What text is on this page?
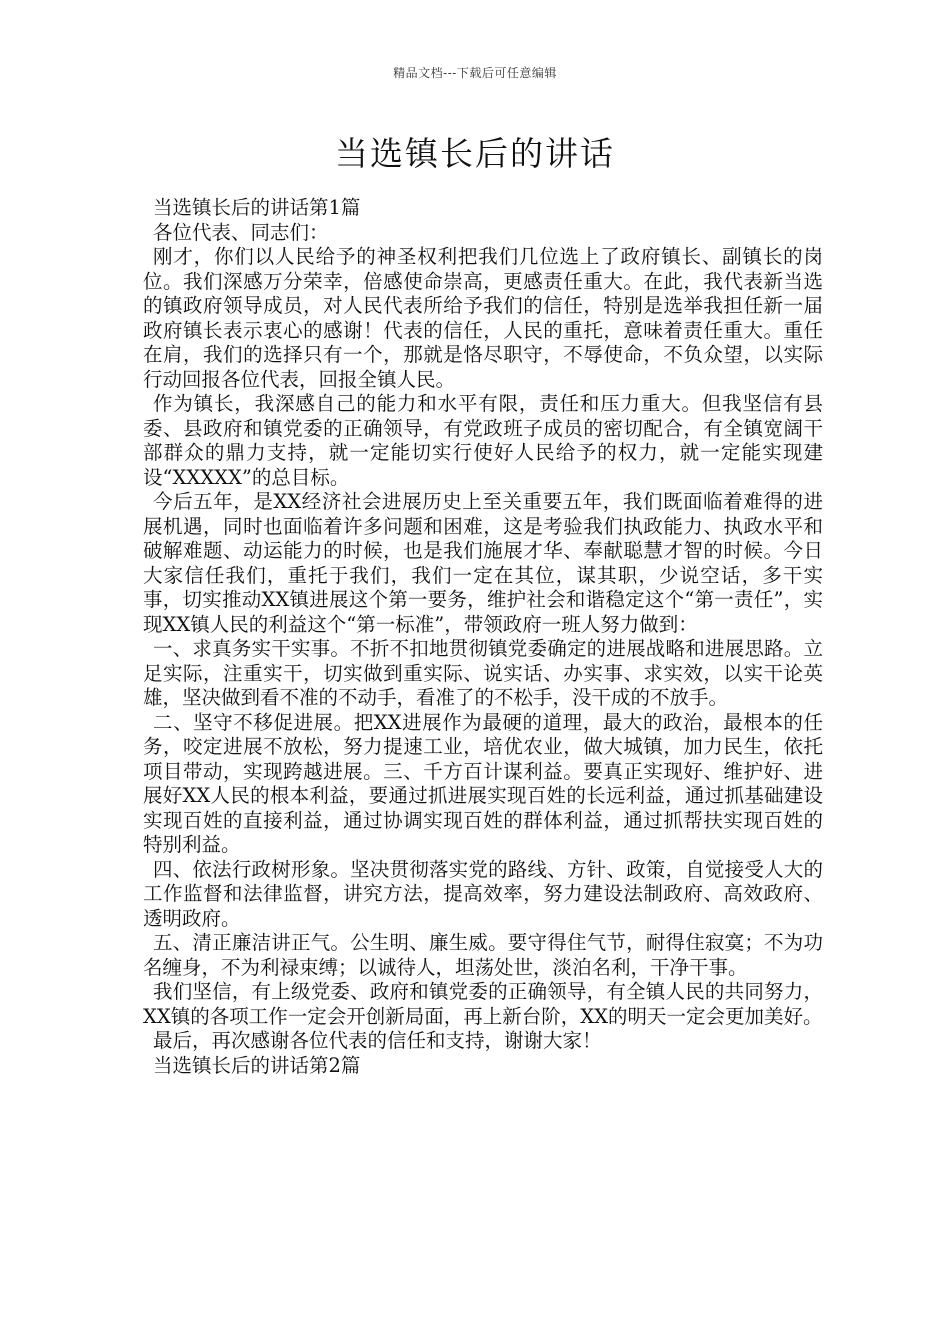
精品文档---下载后可任意编辑
当选镇长后的讲话

当选镇长后的讲话第1篇

各位代表、同志们：

刚才，你们以人民给予的神圣权利把我们几位选上了政府镇长、副镇长的岗位。我们深感万分荣幸，倍感使命崇高，更感责任重大。在此，我代表新当选的镇政府领导成员，对人民代表所给予我们的信任，特别是选举我担任新一届政府镇长表示衷心的感谢！代表的信任，人民的重托，意味着责任重大。重任在肩，我们的选择只有一个，那就是恪尽职守，不辱使命，不负众望，以实际行动回报各位代表，回报全镇人民。

作为镇长，我深感自己的能力和水平有限，责任和压力重大。但我坚信有县委、县政府和镇党委的正确领导，有党政班子成员的密切配合，有全镇宽阔干部群众的鼎力支持，就一定能切实行使好人民给予的权力，就一定能实现建设“XXXXX”的总目标。

今后五年，是XX经济社会进展历史上至关重要五年，我们既面临着难得的进展机遇，同时也面临着许多问题和困难，这是考验我们执政能力、执政水平和破解难题、动运能力的时候，也是我们施展才华、奉献聪慧才智的时候。今日大家信任我们，重托于我们，我们一定在其位，谋其职，少说空话，多干实事，切实推动XX镇进展这个第一要务，维护社会和谐稳定这个“第一责任”，实现XX镇人民的利益这个“第一标准”，带领政府一班人努力做到：

一、求真务实干实事。不折不扣地贯彻镇党委确定的进展战略和进展思路。立足实际，注重实干，切实做到重实际、说实话、办实事、求实效，以实干论英雄，坚决做到看不准的不动手，看准了的不松手，没干成的不放手。

二、坚守不移促进展。把XX进展作为最硬的道理，最大的政治，最根本的任务，咬定进展不放松，努力提速工业，培优农业，做大城镇，加力民生，依托项目带动，实现跨越进展。三、千方百计谋利益。要真正实现好、维护好、进展好XX人民的根本利益，要通过抓进展实现百姓的长远利益，通过抓基础建设实现百姓的直接利益，通过协调实现百姓的群体利益，通过抓帮扶实现百姓的特别利益。

四、依法行政树形象。坚决贯彻落实党的路线、方针、政策，自觉接受人大的工作监督和法律监督，讲究方法，提高效率，努力建设法制政府、高效政府、透明政府。

五、清正廉洁讲正气。公生明、廉生威。要守得住气节，耐得住寂寞；不为功名缠身，不为利禄束缚；以诚待人，坦荡处世，淡泊名利，干净干事。

我们坚信，有上级党委、政府和镇党委的正确领导，有全镇人民的共同努力，XX镇的各项工作一定会开创新局面，再上新台阶，XX的明天一定会更加美好。

最后，再次感谢各位代表的信任和支持，谢谢大家！

当选镇长后的讲话第2篇
